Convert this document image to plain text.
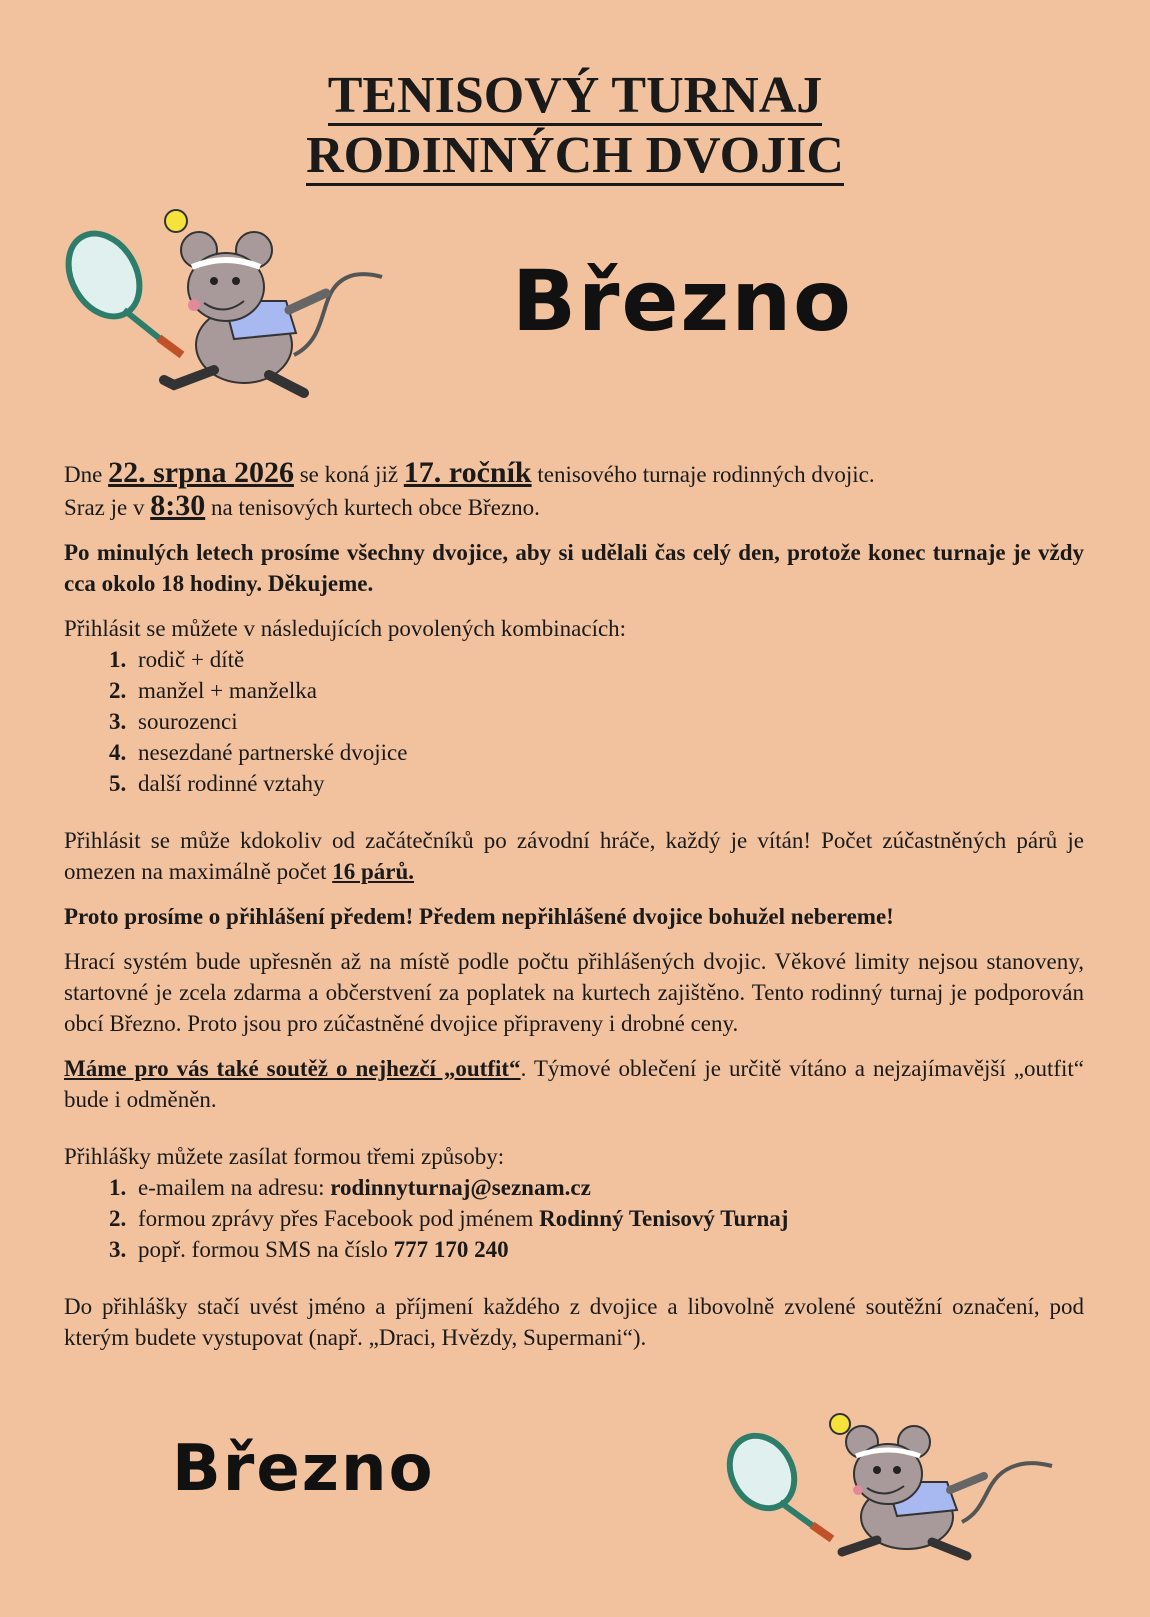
TENISOVÝ TURNAJ
RODINNÝCH DVOJIC
Březno

Dne 22. srpna 2026 se koná již 17. ročník tenisového turnaje rodinných dvojic.

Sraz je v 8:30 na tenisových kurtech obce Březno.

Po minulých letech prosíme všechny dvojice, aby si udělali čas celý den, protože konec turnaje je vždy cca okolo 18 hodiny. Děkujeme.

Přihlásit se můžete v následujících povolených kombinacích:

1. rodič + dítě
2. manžel + manželka
3. sourozenci
4. nesezdané partnerské dvojice
5. další rodinné vztahy

Přihlásit se může kdokoliv od začátečníků po závodní hráče, každý je vítán! Počet zúčastněných párů je omezen na maximálně počet 16 párů.

Proto prosíme o přihlášení předem! Předem nepřihlášené dvojice bohužel nebereme!

Hrací systém bude upřesněn až na místě podle počtu přihlášených dvojic. Věkové limity nejsou stanoveny, startovné je zcela zdarma a občerstvení za poplatek na kurtech zajištěno. Tento rodinný turnaj je podporován obcí Březno. Proto jsou pro zúčastněné dvojice připraveny i drobné ceny.

Máme pro vás také soutěž o nejhezčí „outfit“. Týmové oblečení je určitě vítáno a nejzajímavější „outfit“ bude i odměněn.

Přihlášky můžete zasílat formou třemi způsoby:

1. e-mailem na adresu: rodinnyturnaj@seznam.cz
2. formou zprávy přes Facebook pod jménem Rodinný Tenisový Turnaj
3. popř. formou SMS na číslo 777 170 240

Do přihlášky stačí uvést jméno a příjmení každého z dvojice a libovolně zvolené soutěžní označení, pod kterým budete vystupovat (např. „Draci, Hvězdy, Supermani“).

Březno
